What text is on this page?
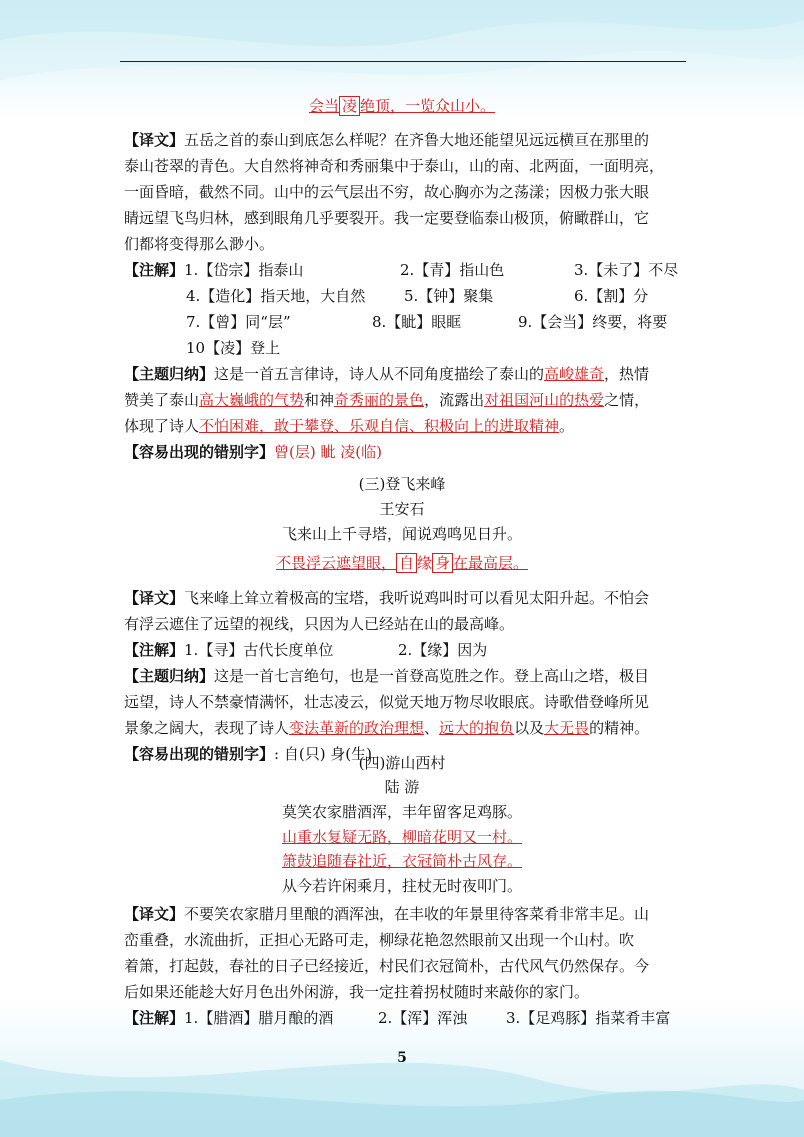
会当 凌 绝顶，一览众山小。
【译文】五岳之首的泰山到底怎么样呢？在齐鲁大地还能望见远远横亘在那里的
泰山苍翠的青色。大自然将神奇和秀丽集中于泰山，山的南、北两面，一面明亮，
一面昏暗，截然不同。山中的云气层出不穷，故心胸亦为之荡漾；因极力张大眼
睛远望飞鸟归林，感到眼角几乎要裂开。我一定要登临泰山极顶，俯瞰群山，它
们都将变得那么渺小。
【注解】1.【岱宗】指泰山	2.【青】指山色	3.【未了】不尽
4.【造化】指天地，大自然	5.【钟】聚集	6.【割】分
7.【曾】同“层”	8.【眦】眼眶	9.【会当】终要，将要
10【凌】登上
【主题归纳】这是一首五言律诗，诗人从不同角度描绘了泰山的高峻雄奇，热情
赞美了泰山高大巍峨的气势和神奇秀丽的景色，流露出对祖国河山的热爱之情，
体现了诗人不怕困难，敢于攀登、乐观自信、积极向上的进取精神。
【容易出现的错别字】曾(层) 眦 凌(临)
(三)登飞来峰
王安石
飞来山上千寻塔，闻说鸡鸣见日升。
不畏浮云遮望眼， 自 缘 身 在最高层。
【译文】飞来峰上耸立着极高的宝塔，我听说鸡叫时可以看见太阳升起。不怕会
有浮云遮住了远望的视线，只因为人已经站在山的最高峰。
【注解】1.【寻】古代长度单位	2.【缘】因为
【主题归纳】这是一首七言绝句，也是一首登高览胜之作。登上高山之塔，极目
远望，诗人不禁豪情满怀，壮志凌云，似觉天地万物尽收眼底。诗歌借登峰所见
景象之阔大，表现了诗人变法革新的政治理想、远大的抱负以及大无畏的精神。
【容易出现的错别字】: 自(只) 身(生)
(四)游山西村
陆 游
莫笑农家腊酒浑，丰年留客足鸡豚。
山重水复疑无路，柳暗花明又一村。
箫鼓追随春社近，衣冠简朴古风存。
从今若许闲乘月，拄杖无时夜叩门。
【译文】不要笑农家腊月里酿的酒浑浊，在丰收的年景里待客菜肴非常丰足。山
峦重叠，水流曲折，正担心无路可走，柳绿花艳忽然眼前又出现一个山村。吹
着箫，打起鼓，春社的日子已经接近，村民们衣冠简朴，古代风气仍然保存。今
后如果还能趁大好月色出外闲游，我一定拄着拐杖随时来敲你的家门。
【注解】1.【腊酒】腊月酿的酒	2.【浑】浑浊	3.【足鸡豚】指菜肴丰富
5
